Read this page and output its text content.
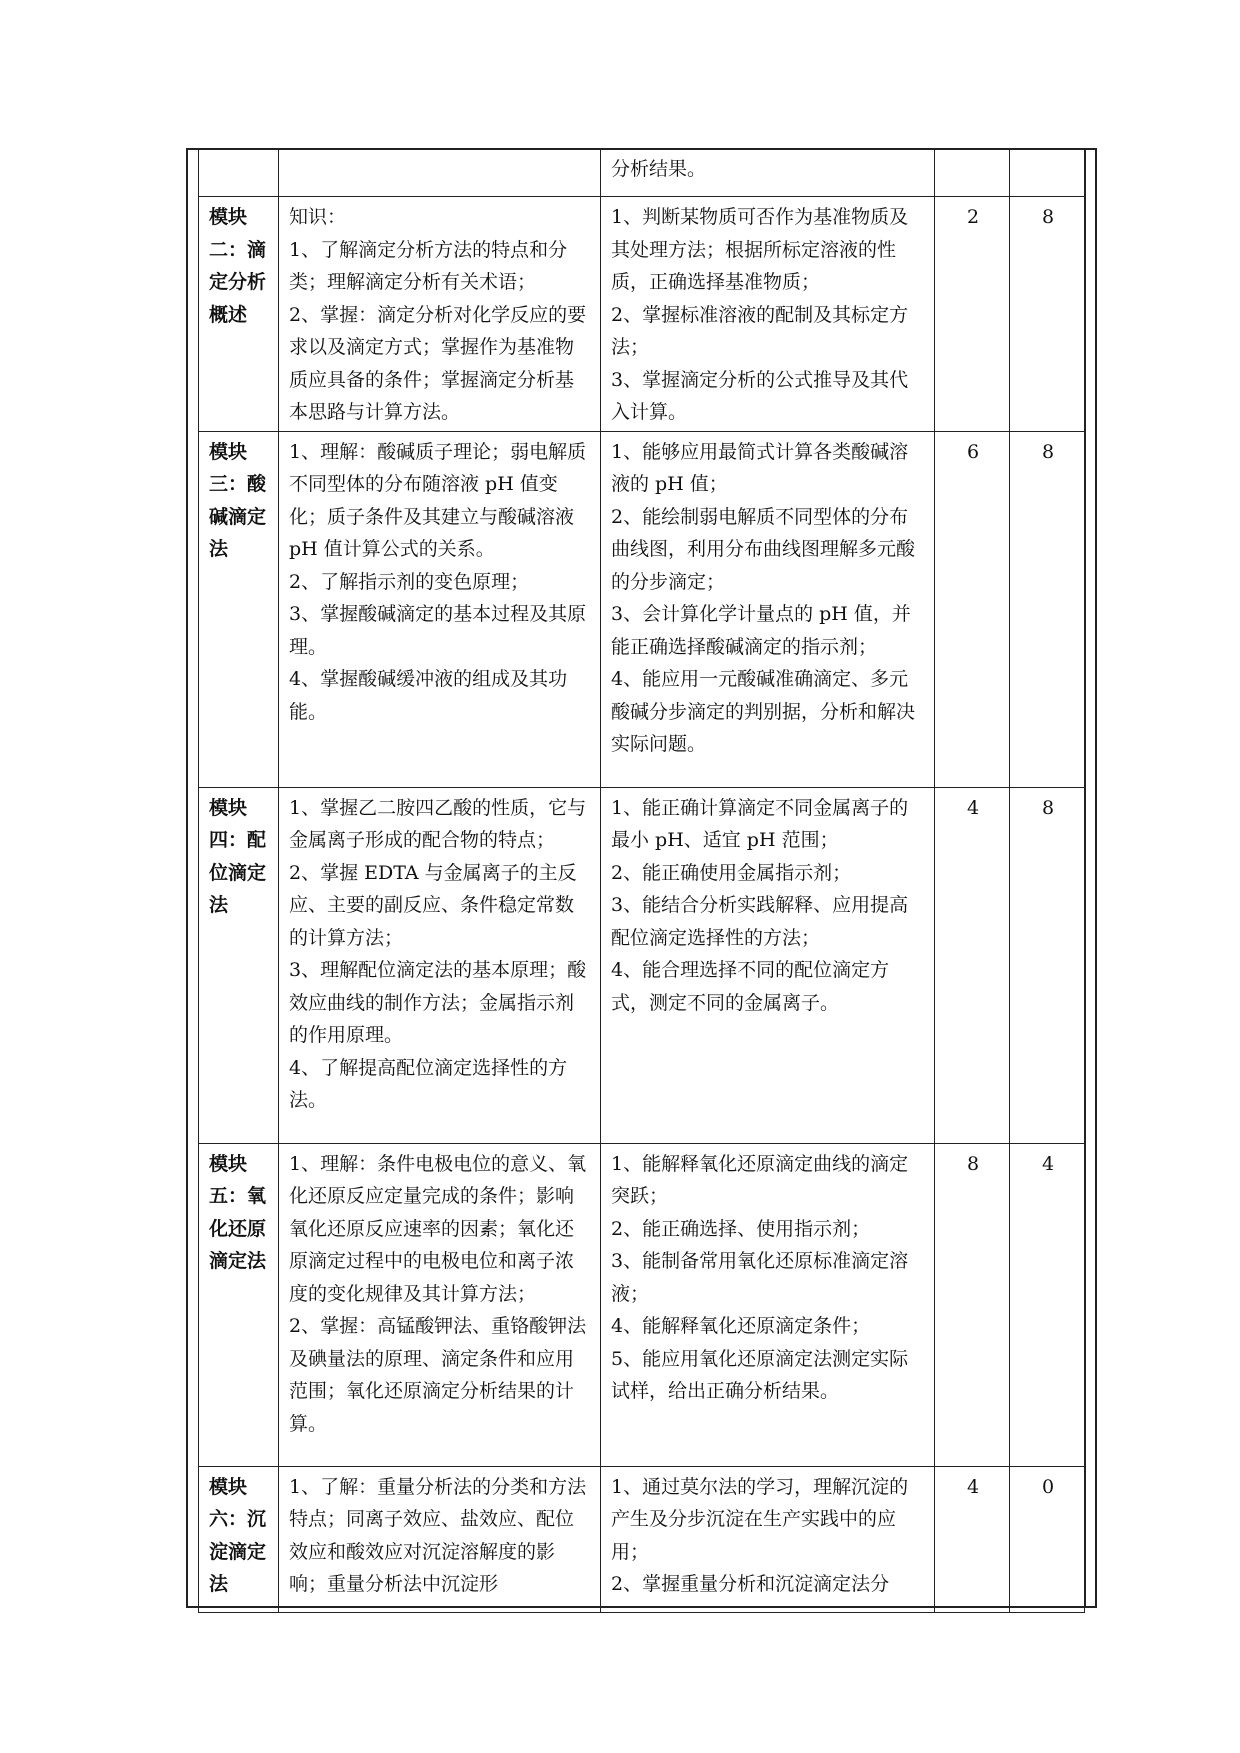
		分析结果。		

模块二：滴定分析概述	知识：
1、了解滴定分析方法的特点和分类；理解滴定分析有关术语；
2、掌握：滴定分析对化学反应的要求以及滴定方式；掌握作为基准物质应具备的条件；掌握滴定分析基本思路与计算方法。	1、判断某物质可否作为基准物质及其处理方法；根据所标定溶液的性质，正确选择基准物质；
2、掌握标准溶液的配制及其标定方法；
3、掌握滴定分析的公式推导及其代入计算。	2	8
模块三：酸碱滴定法	1、理解：酸碱质子理论；弱电解质不同型体的分布随溶液 pH 值变化；质子条件及其建立与酸碱溶液 pH 值计算公式的关系。
2、了解指示剂的变色原理；
3、掌握酸碱滴定的基本过程及其原理。
4、掌握酸碱缓冲液的组成及其功能。	1、能够应用最简式计算各类酸碱溶液的 pH 值；
2、能绘制弱电解质不同型体的分布曲线图，利用分布曲线图理解多元酸的分步滴定；
3、会计算化学计量点的 pH 值，并能正确选择酸碱滴定的指示剂；
4、能应用一元酸碱准确滴定、多元酸碱分步滴定的判别据，分析和解决实际问题。	6	8
模块四：配位滴定法	1、掌握乙二胺四乙酸的性质，它与金属离子形成的配合物的特点；
2、掌握 EDTA 与金属离子的主反应、主要的副反应、条件稳定常数的计算方法；
3、理解配位滴定法的基本原理；酸效应曲线的制作方法；金属指示剂的作用原理。
4、了解提高配位滴定选择性的方法。	1、能正确计算滴定不同金属离子的最小 pH、适宜 pH 范围；
2、能正确使用金属指示剂；
3、能结合分析实践解释、应用提高配位滴定选择性的方法；
4、能合理选择不同的配位滴定方式，测定不同的金属离子。	4	8
模块五：氧化还原滴定法	1、理解：条件电极电位的意义、氧化还原反应定量完成的条件；影响氧化还原反应速率的因素；氧化还原滴定过程中的电极电位和离子浓度的变化规律及其计算方法；
2、掌握：高锰酸钾法、重铬酸钾法及碘量法的原理、滴定条件和应用范围；氧化还原滴定分析结果的计算。	1、能解释氧化还原滴定曲线的滴定突跃；
2、能正确选择、使用指示剂；
3、能制备常用氧化还原标准滴定溶液；
4、能解释氧化还原滴定条件；
5、能应用氧化还原滴定法测定实际试样，给出正确分析结果。	8	4
模块六：沉淀滴定法	1、了解：重量分析法的分类和方法特点；同离子效应、盐效应、配位效应和酸效应对沉淀溶解度的影响；重量分析法中沉淀形	1、通过莫尔法的学习，理解沉淀的产生及分步沉淀在生产实践中的应用；
2、掌握重量分析和沉淀滴定法分	4	0
